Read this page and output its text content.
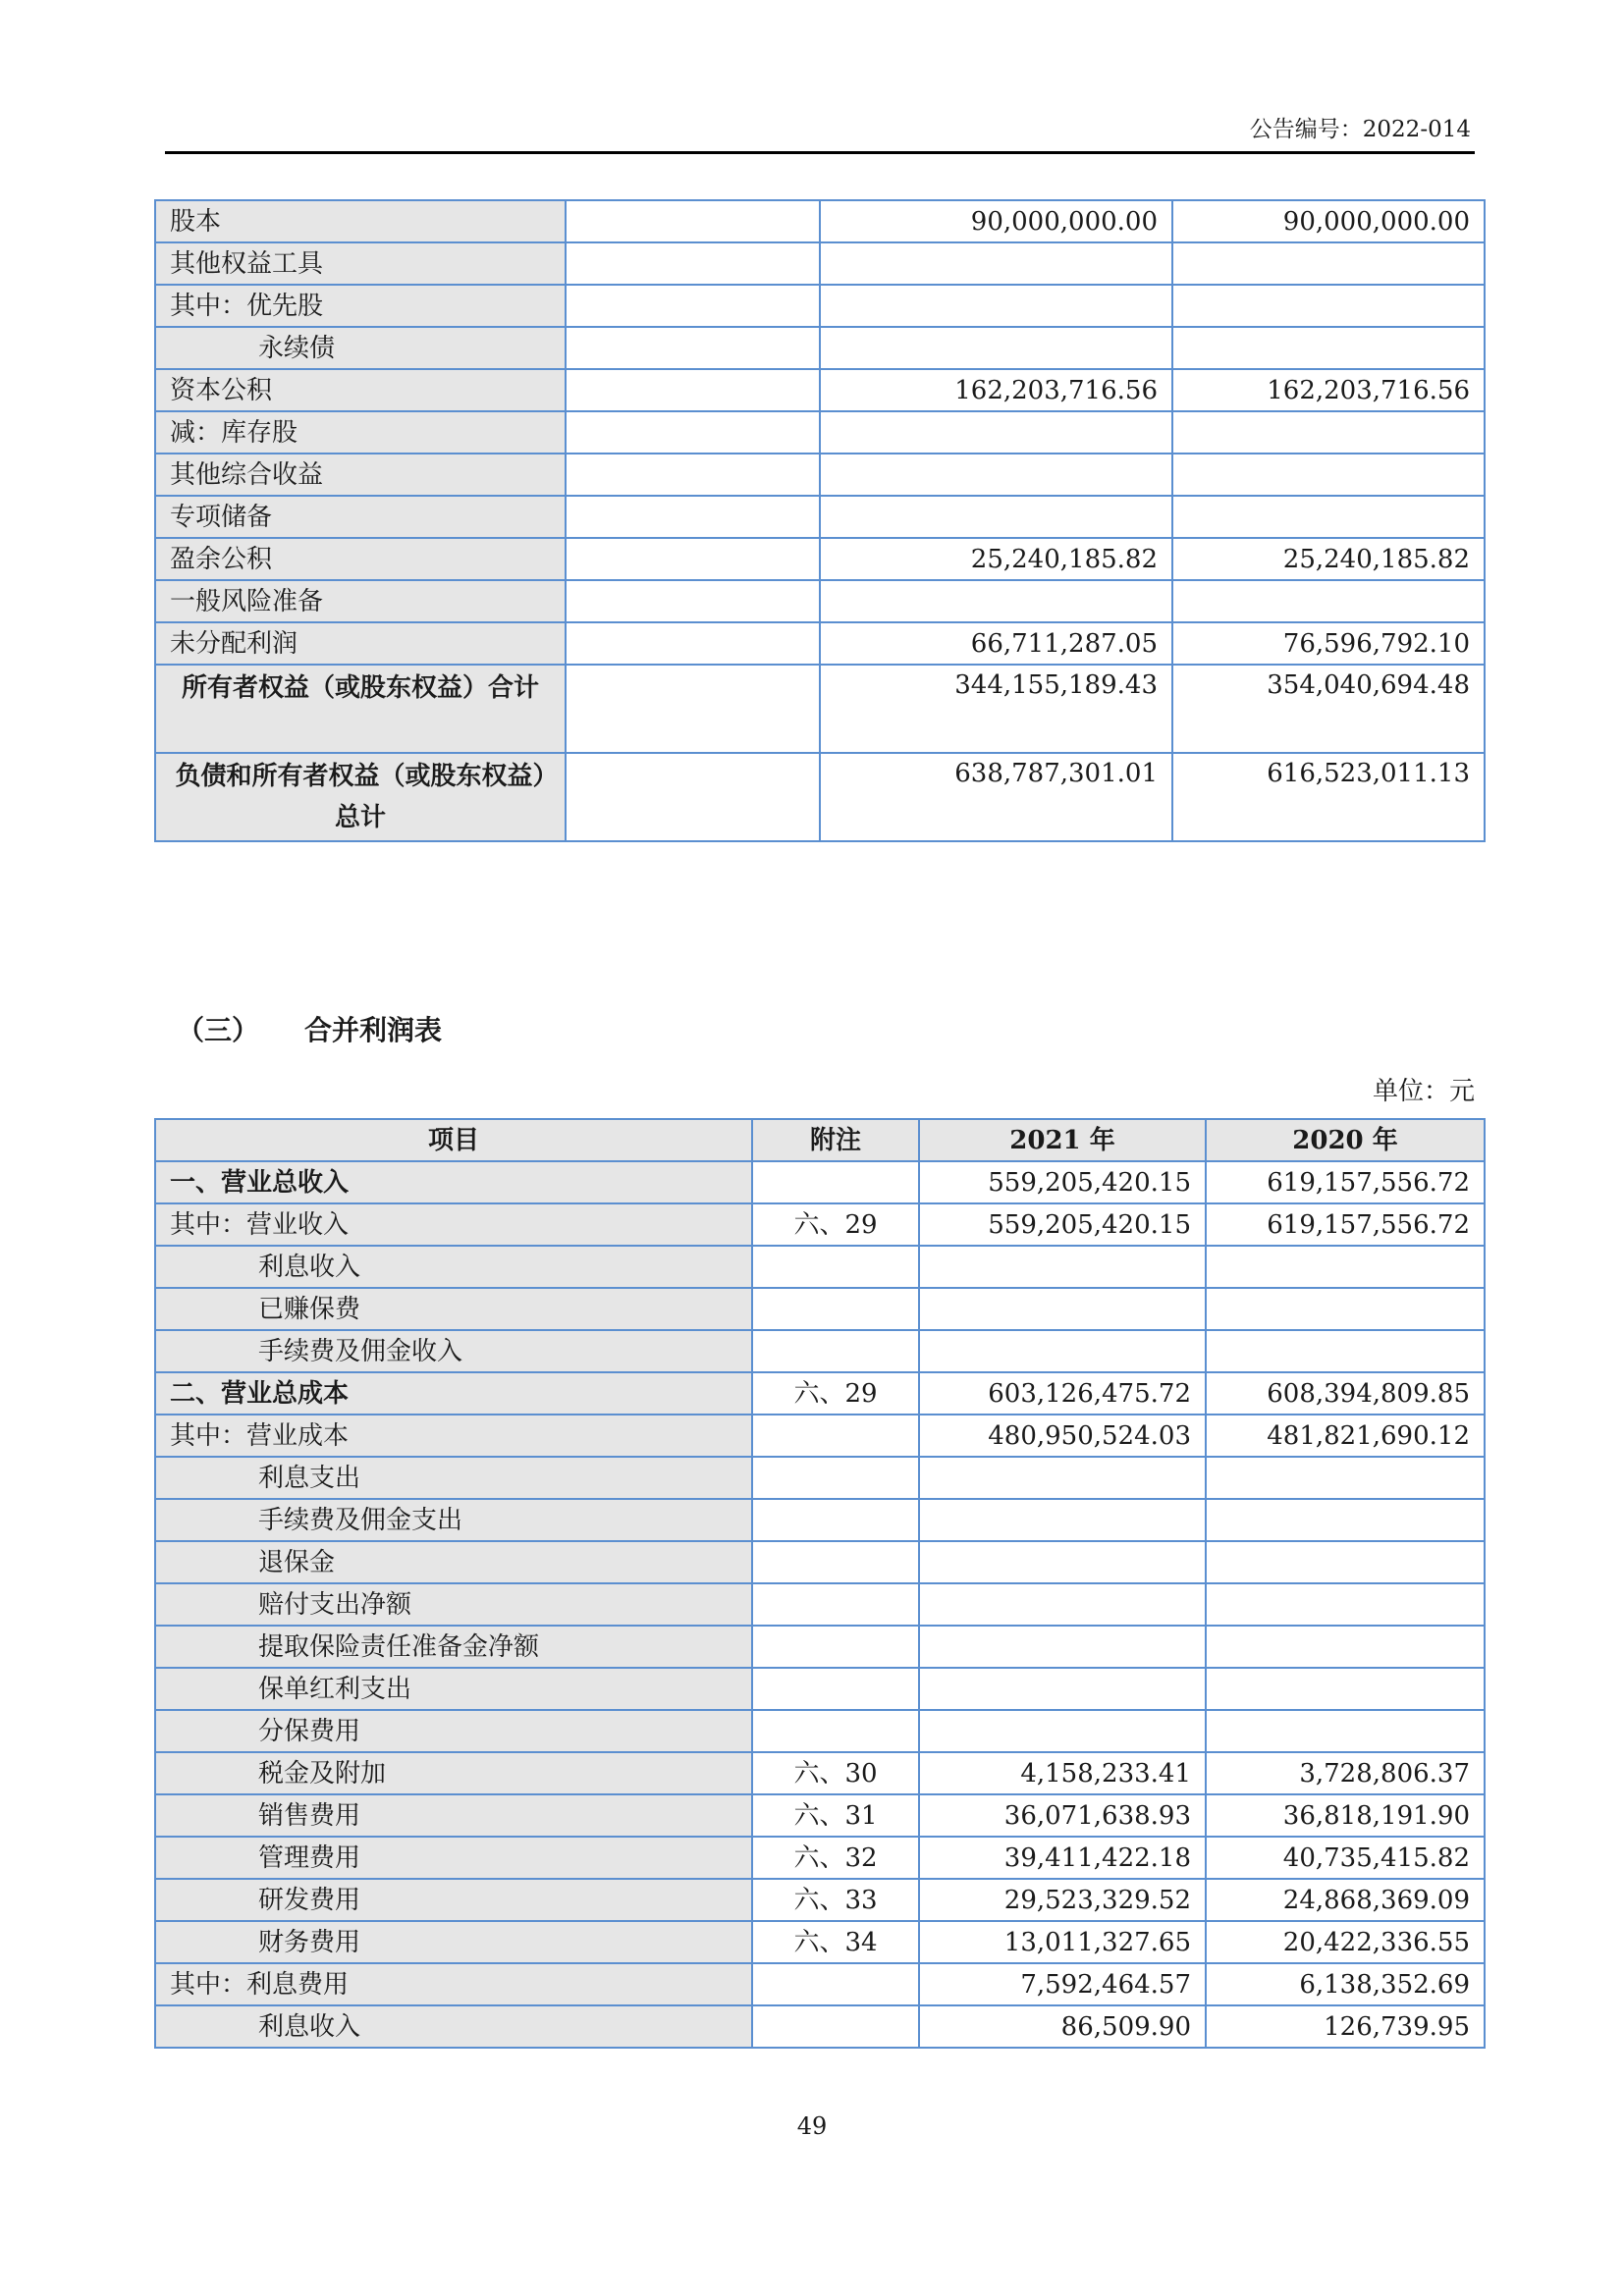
公告编号：2022-014
股本		90,000,000.00	90,000,000.00
其他权益工具			
其中：优先股			
永续债			
资本公积		162,203,716.56	162,203,716.56
减：库存股			
其他综合收益			
专项储备			
盈余公积		25,240,185.82	25,240,185.82
一般风险准备			
未分配利润		66,711,287.05	76,596,792.10
所有者权益（或股东权益）合计		344,155,189.43	354,040,694.48
负债和所有者权益（或股东权益）总计		638,787,301.01	616,523,011.13
（三） 合并利润表
单位：元
项目	附注	2021 年	2020 年
一、营业总收入		559,205,420.15	619,157,556.72
其中：营业收入	六、29	559,205,420.15	619,157,556.72
利息收入			
已赚保费			
手续费及佣金收入			
二、营业总成本	六、29	603,126,475.72	608,394,809.85
其中：营业成本		480,950,524.03	481,821,690.12
利息支出			
手续费及佣金支出			
退保金			
赔付支出净额			
提取保险责任准备金净额			
保单红利支出			
分保费用			
税金及附加	六、30	4,158,233.41	3,728,806.37
销售费用	六、31	36,071,638.93	36,818,191.90
管理费用	六、32	39,411,422.18	40,735,415.82
研发费用	六、33	29,523,329.52	24,868,369.09
财务费用	六、34	13,011,327.65	20,422,336.55
其中：利息费用		7,592,464.57	6,138,352.69
利息收入		86,509.90	126,739.95
49
